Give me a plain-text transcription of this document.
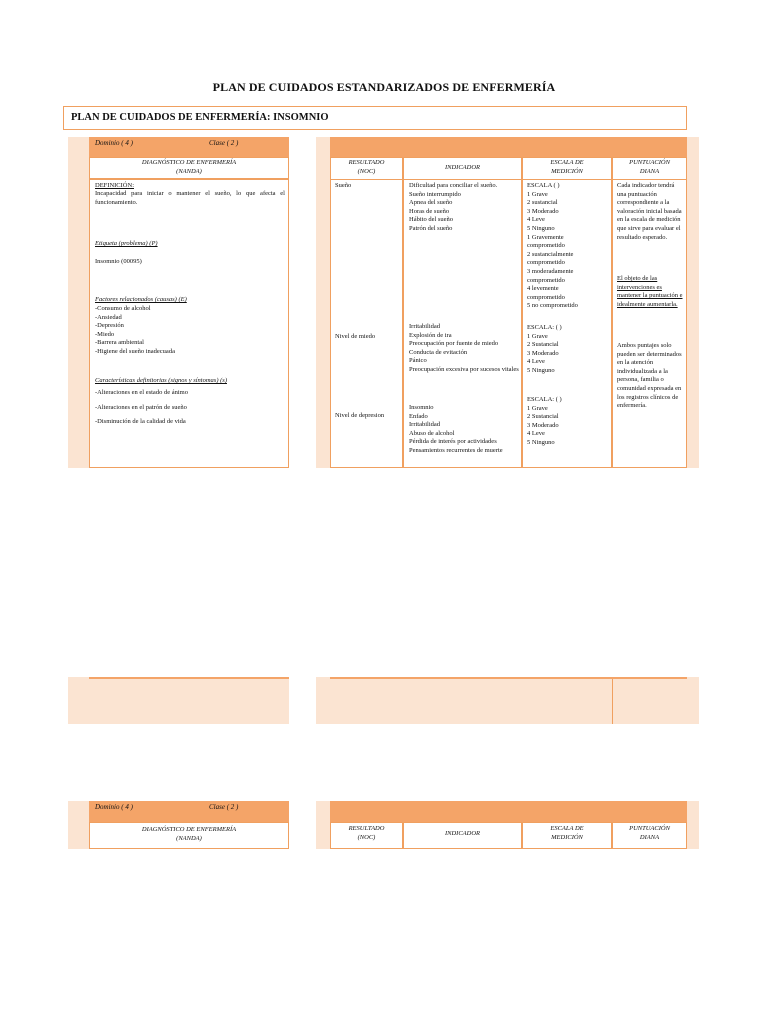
PLAN DE CUIDADOS ESTANDARIZADOS DE ENFERMERÍA
PLAN DE CUIDADOS DE ENFERMERÍA: INSOMNIO
Dominio ( 4 )	Clase ( 2 )
DIAGNÓSTICO DE ENFERMERÍA
(NANDA)
DEFINICIÓN:
Incapacidad para iniciar o mantener el sueño, lo que afecta el funcionamiento.
Etiqueta (problema) (P)
Insomnio (00095)
Factores relacionados (causas) (E)
-Consumo de alcohol
-Ansiedad
-Depresión
-Miedo
-Barrera ambiental
-Higiene del sueño inadecuada
Características definitorias (signos y síntomas) (s)
-Alteraciones en el estado de ánimo
-Alteraciones en el patrón de sueño
-Disminución de la calidad de vida
RESULTADO
(NOC)
INDICADOR
ESCALA DE
MEDICIÓN
PUNTUACIÓN
DIANA
Sueño
Nivel de miedo
Nivel de depresion
Dificultad para conciliar el sueño.
Sueño interrumpido
Apnea del sueño
Horas de sueño
Hábito del sueño
Patrón del sueño
Irritabilidad
Explosión de ira
Preocupación por fuente de miedo
Conducta de evitación
Pánico
Preocupación excesiva por sucesos vitales
Insomnio
Enfado
Irritabilidad
Abuso de alcohol
Pérdida de interés por actividades
Pensamientos recurrentes de muerte
ESCALA ( )
1 Grave
2 sustancial
3 Moderado
4 Leve
5 Ninguno
1 Gravemente
comprometido
2 sustancialmente
comprometido
3 moderadamente
comprometido
4 levemente
comprometido
5 no comprometido
ESCALA: ( )
1 Grave
2 Sustancial
3 Moderado
4 Leve
5 Ninguno
ESCALA: ( )
1 Grave
2 Sustancial
3 Moderado
4 Leve
5 Ninguno
Cada indicador tendrá una puntuación correspondiente a la valoración inicial basada en la escala de medición que sirve para evaluar el resultado esperado.
El objeto de las intervenciones es mantener la puntuación e idealmente aumentarla.
Ambos puntajes solo pueden ser determinados en la atención individualizada a la persona, familia o comunidad expresada en los registros clínicos de enfermería.
Dominio ( 4 )	Clase ( 2 )
DIAGNÓSTICO DE ENFERMERÍA
(NANDA)
RESULTADO
(NOC)
INDICADOR
ESCALA DE
MEDICIÓN
PUNTUACIÓN
DIANA
